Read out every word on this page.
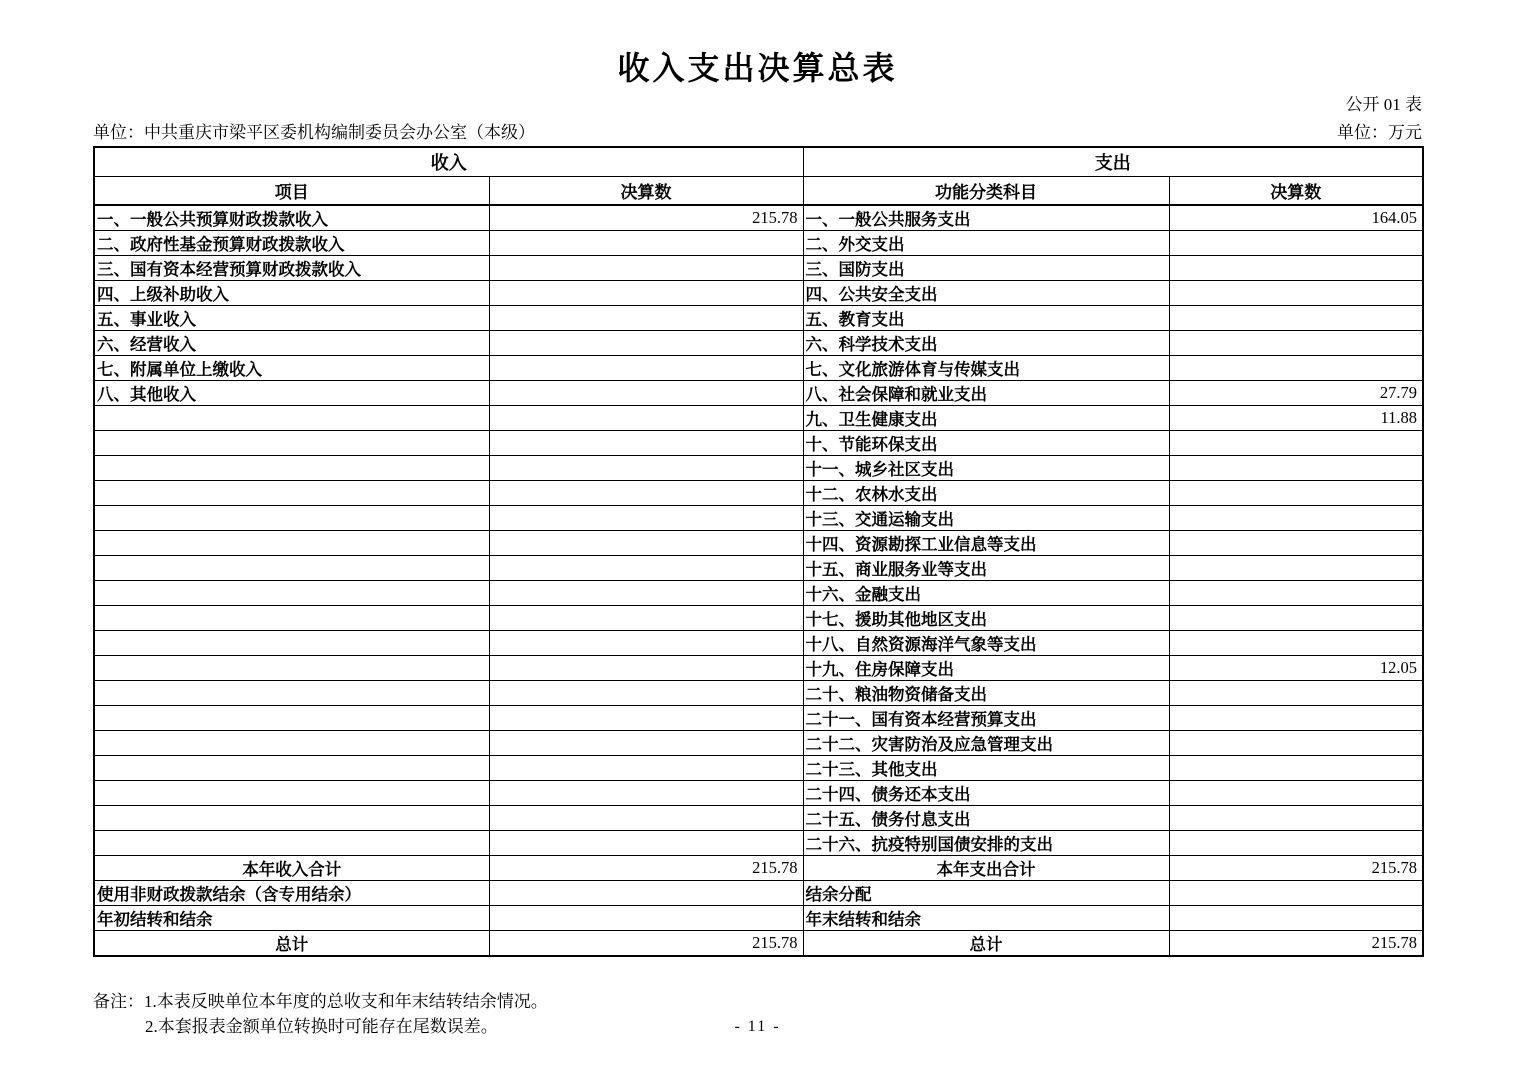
收入支出决算总表
公开 01 表
单位：中共重庆市梁平区委机构编制委员会办公室（本级）	单位：万元
收入		支出	
项目	决算数	功能分类科目	决算数
一、一般公共预算财政拨款收入	215.78	一、一般公共服务支出	164.05
二、政府性基金预算财政拨款收入		二、外交支出	
三、国有资本经营预算财政拨款收入		三、国防支出	
四、上级补助收入		四、公共安全支出	
五、事业收入		五、教育支出	
六、经营收入		六、科学技术支出	
七、附属单位上缴收入		七、文化旅游体育与传媒支出	
八、其他收入		八、社会保障和就业支出	27.79
		九、卫生健康支出	11.88
		十、节能环保支出	
		十一、城乡社区支出	
		十二、农林水支出	
		十三、交通运输支出	
		十四、资源勘探工业信息等支出	
		十五、商业服务业等支出	
		十六、金融支出	
		十七、援助其他地区支出	
		十八、自然资源海洋气象等支出	
		十九、住房保障支出	12.05
		二十、粮油物资储备支出	
		二十一、国有资本经营预算支出	
		二十二、灾害防治及应急管理支出	
		二十三、其他支出	
		二十四、债务还本支出	
		二十五、债务付息支出	
		二十六、抗疫特别国债安排的支出	
本年收入合计	215.78	本年支出合计	215.78
使用非财政拨款结余（含专用结余）		结余分配	
年初结转和结余		年末结转和结余	
总计	215.78	总计	215.78
备注：1.本表反映单位本年度的总收支和年末结转结余情况。
2.本套报表金额单位转换时可能存在尾数误差。	- 11 -
